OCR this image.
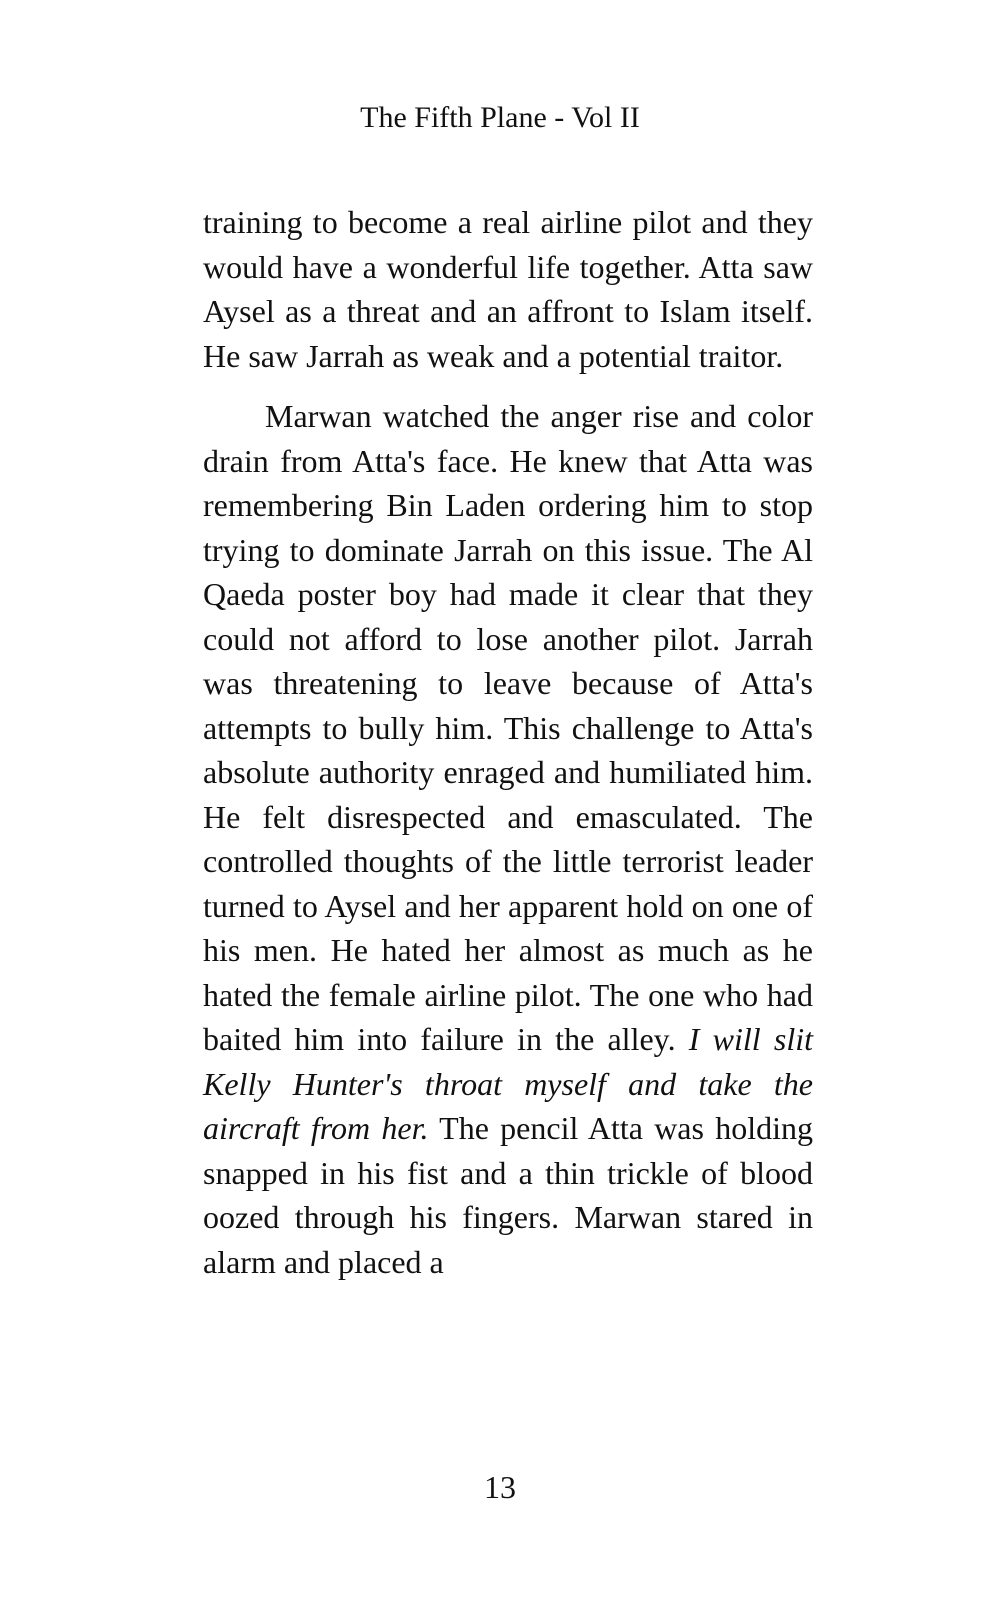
The Fifth Plane - Vol II

training to become a real airline pilot and they would have a wonderful life together. Atta saw Aysel as a threat and an affront to Islam itself. He saw Jarrah as weak and a potential traitor.

Marwan watched the anger rise and color drain from Atta's face. He knew that Atta was remembering Bin Laden ordering him to stop trying to dominate Jarrah on this issue. The Al Qaeda poster boy had made it clear that they could not afford to lose another pilot. Jarrah was threatening to leave because of Atta's attempts to bully him. This challenge to Atta's absolute authority enraged and humiliated him. He felt disrespected and emasculated. The controlled thoughts of the little terrorist leader turned to Aysel and her apparent hold on one of his men. He hated her almost as much as he hated the female airline pilot. The one who had baited him into failure in the alley. I will slit Kelly Hunter's throat myself and take the aircraft from her. The pencil Atta was holding snapped in his fist and a thin trickle of blood oozed through his fingers. Marwan stared in alarm and placed a

13
